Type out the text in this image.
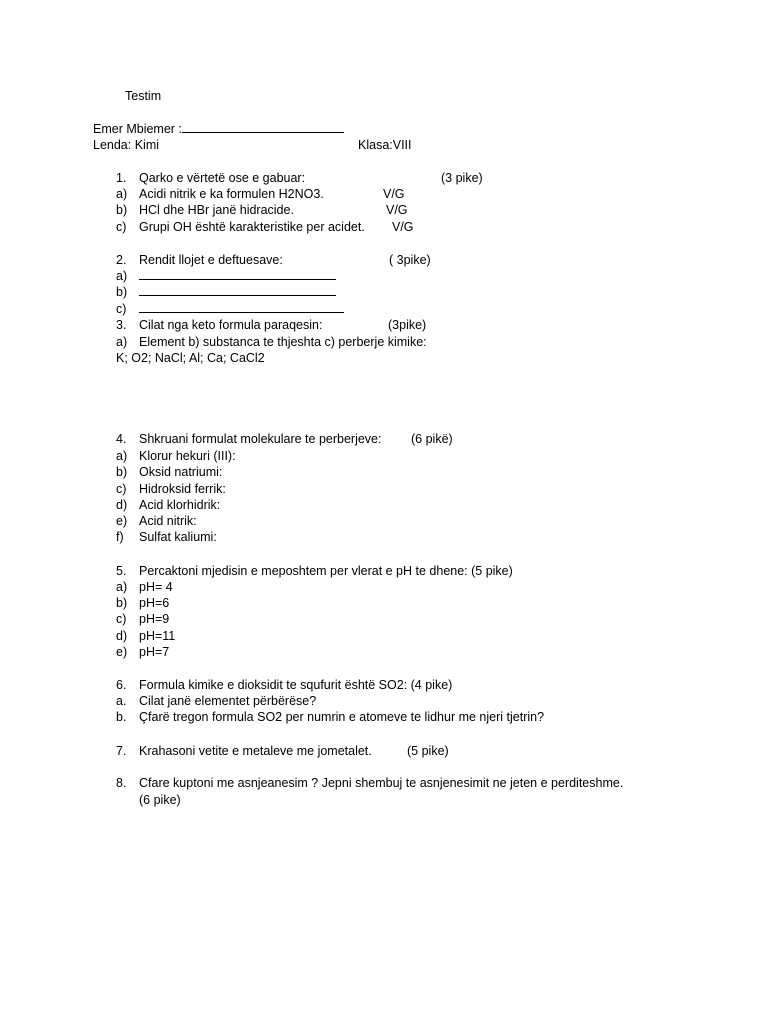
Testim
Emer Mbiemer :
Lenda: Kimi	Klasa:VIII
1. Qarko e vërtetë ose e gabuar:	(3 pike)
a) Acidi nitrik e ka formulen H2NO3.	V/G
b) HCl dhe HBr janë hidracide.	V/G
c) Grupi OH është karakteristike per acidet. V/G
2. Rendit llojet e deftuesave:	( 3pike)
a)
b)
c)
3. Cilat nga keto formula paraqesin:	(3pike)
a) Element b) substanca te thjeshta c) perberje kimike:
K; O2; NaCl; Al; Ca; CaCl2
4. Shkruani formulat molekulare te perberjeve: (6 pikë)
a) Klorur hekuri (III):
b) Oksid natriumi:
c) Hidroksid ferrik:
d) Acid klorhidrik:
e) Acid nitrik:
f) Sulfat kaliumi:
5. Percaktoni mjedisin e meposhtem per vlerat e pH te dhene: (5 pike)
a) pH= 4
b) pH=6
c) pH=9
d) pH=11
e) pH=7
6. Formula kimike e dioksidit te squfurit është SO2: (4 pike)
a. Cilat janë elementet përbërëse?
b. Çfarë tregon formula SO2 per numrin e atomeve te lidhur me njeri tjetrin?
7. Krahasoni vetite e metaleve me jometalet.	(5 pike)
8. Cfare kuptoni me asnjeanesim ? Jepni shembuj te asnjenesimit ne jeten e perditeshme.
(6 pike)
